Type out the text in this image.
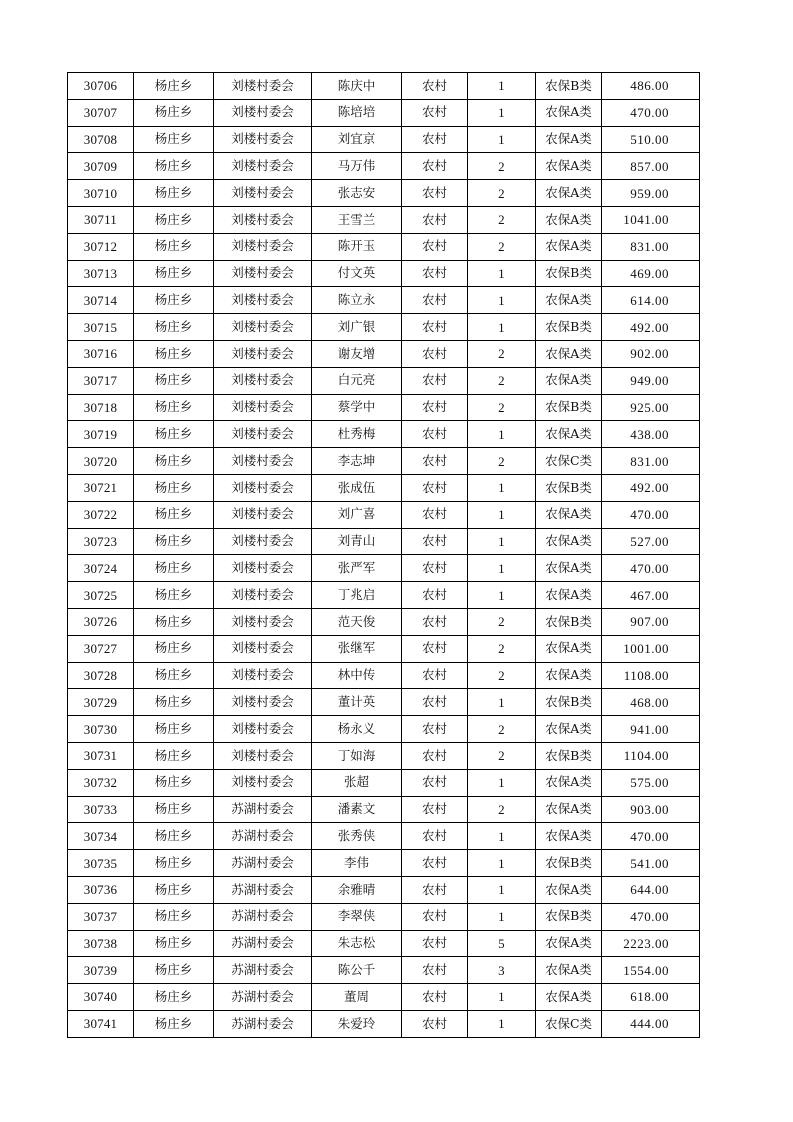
30706	杨庄乡	刘楼村委会	陈庆中	农村	1	农保B类	486.00
30707	杨庄乡	刘楼村委会	陈培培	农村	1	农保A类	470.00
30708	杨庄乡	刘楼村委会	刘宜京	农村	1	农保A类	510.00
30709	杨庄乡	刘楼村委会	马万伟	农村	2	农保A类	857.00
30710	杨庄乡	刘楼村委会	张志安	农村	2	农保A类	959.00
30711	杨庄乡	刘楼村委会	王雪兰	农村	2	农保A类	1041.00
30712	杨庄乡	刘楼村委会	陈开玉	农村	2	农保A类	831.00
30713	杨庄乡	刘楼村委会	付文英	农村	1	农保B类	469.00
30714	杨庄乡	刘楼村委会	陈立永	农村	1	农保A类	614.00
30715	杨庄乡	刘楼村委会	刘广银	农村	1	农保B类	492.00
30716	杨庄乡	刘楼村委会	谢友增	农村	2	农保A类	902.00
30717	杨庄乡	刘楼村委会	白元亮	农村	2	农保A类	949.00
30718	杨庄乡	刘楼村委会	蔡学中	农村	2	农保B类	925.00
30719	杨庄乡	刘楼村委会	杜秀梅	农村	1	农保A类	438.00
30720	杨庄乡	刘楼村委会	李志坤	农村	2	农保C类	831.00
30721	杨庄乡	刘楼村委会	张成伍	农村	1	农保B类	492.00
30722	杨庄乡	刘楼村委会	刘广喜	农村	1	农保A类	470.00
30723	杨庄乡	刘楼村委会	刘青山	农村	1	农保A类	527.00
30724	杨庄乡	刘楼村委会	张严军	农村	1	农保A类	470.00
30725	杨庄乡	刘楼村委会	丁兆启	农村	1	农保A类	467.00
30726	杨庄乡	刘楼村委会	范天俊	农村	2	农保B类	907.00
30727	杨庄乡	刘楼村委会	张继军	农村	2	农保A类	1001.00
30728	杨庄乡	刘楼村委会	林中传	农村	2	农保A类	1108.00
30729	杨庄乡	刘楼村委会	董计英	农村	1	农保B类	468.00
30730	杨庄乡	刘楼村委会	杨永义	农村	2	农保A类	941.00
30731	杨庄乡	刘楼村委会	丁如海	农村	2	农保B类	1104.00
30732	杨庄乡	刘楼村委会	张超	农村	1	农保A类	575.00
30733	杨庄乡	苏湖村委会	潘素文	农村	2	农保A类	903.00
30734	杨庄乡	苏湖村委会	张秀侠	农村	1	农保A类	470.00
30735	杨庄乡	苏湖村委会	李伟	农村	1	农保B类	541.00
30736	杨庄乡	苏湖村委会	余雅晴	农村	1	农保A类	644.00
30737	杨庄乡	苏湖村委会	李翠侠	农村	1	农保B类	470.00
30738	杨庄乡	苏湖村委会	朱志松	农村	5	农保A类	2223.00
30739	杨庄乡	苏湖村委会	陈公千	农村	3	农保A类	1554.00
30740	杨庄乡	苏湖村委会	董周	农村	1	农保A类	618.00
30741	杨庄乡	苏湖村委会	朱爱玲	农村	1	农保C类	444.00
